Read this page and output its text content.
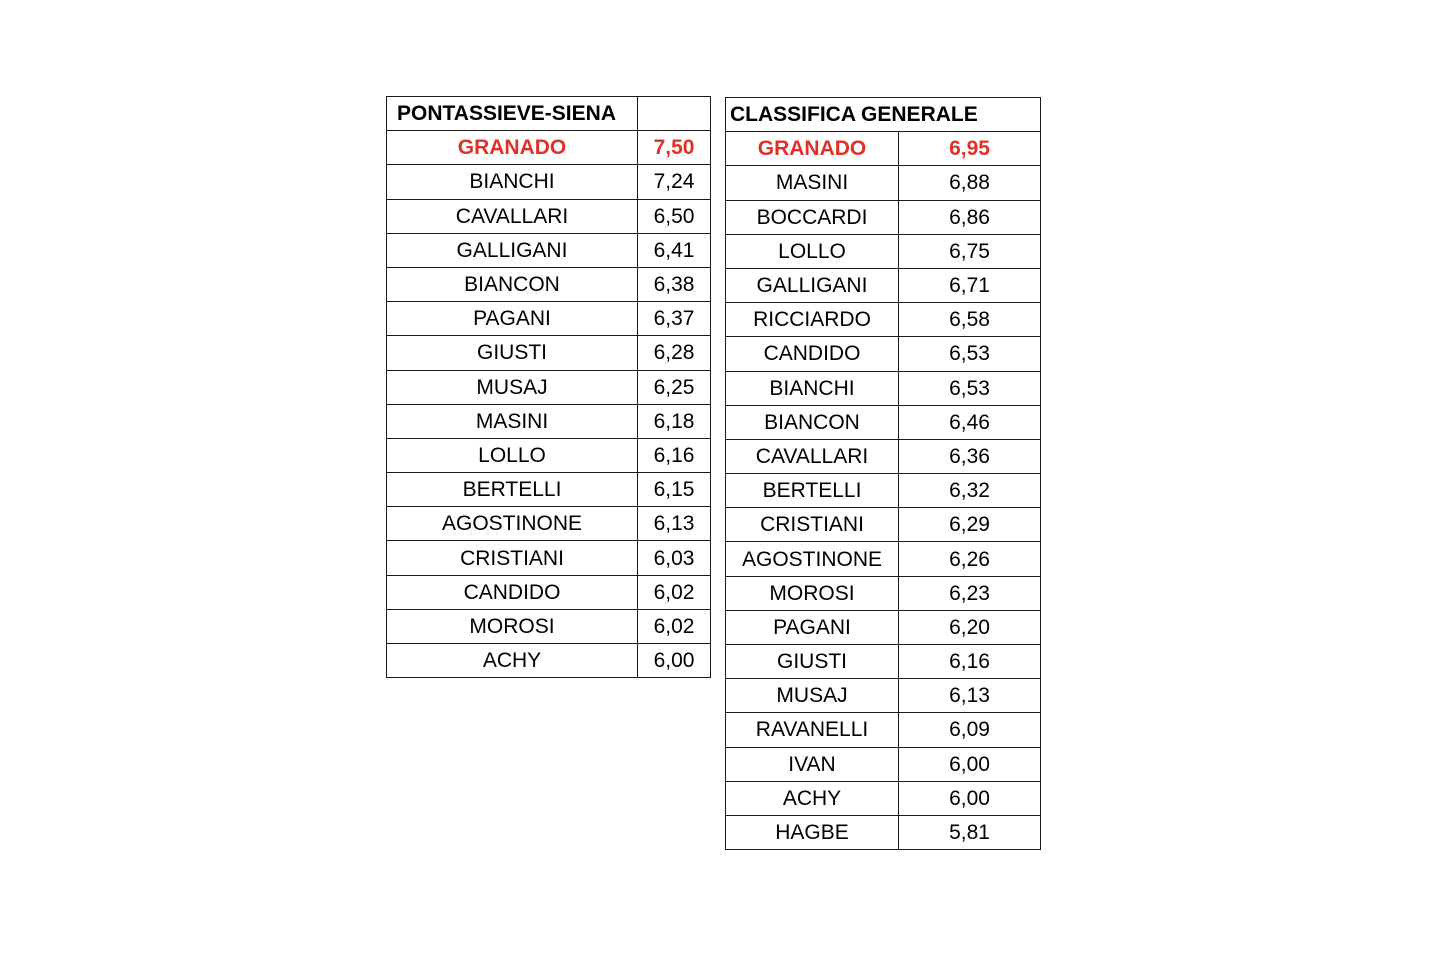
PONTASSIEVE-SIENA	
GRANADO	7,50
BIANCHI	7,24
CAVALLARI	6,50
GALLIGANI	6,41
BIANCON	6,38
PAGANI	6,37
GIUSTI	6,28
MUSAJ	6,25
MASINI	6,18
LOLLO	6,16
BERTELLI	6,15
AGOSTINONE	6,13
CRISTIANI	6,03
CANDIDO	6,02
MOROSI	6,02
ACHY	6,00
CLASSIFICA GENERALE	
GRANADO	6,95
MASINI	6,88
BOCCARDI	6,86
LOLLO	6,75
GALLIGANI	6,71
RICCIARDO	6,58
CANDIDO	6,53
BIANCHI	6,53
BIANCON	6,46
CAVALLARI	6,36
BERTELLI	6,32
CRISTIANI	6,29
AGOSTINONE	6,26
MOROSI	6,23
PAGANI	6,20
GIUSTI	6,16
MUSAJ	6,13
RAVANELLI	6,09
IVAN	6,00
ACHY	6,00
HAGBE	5,81
